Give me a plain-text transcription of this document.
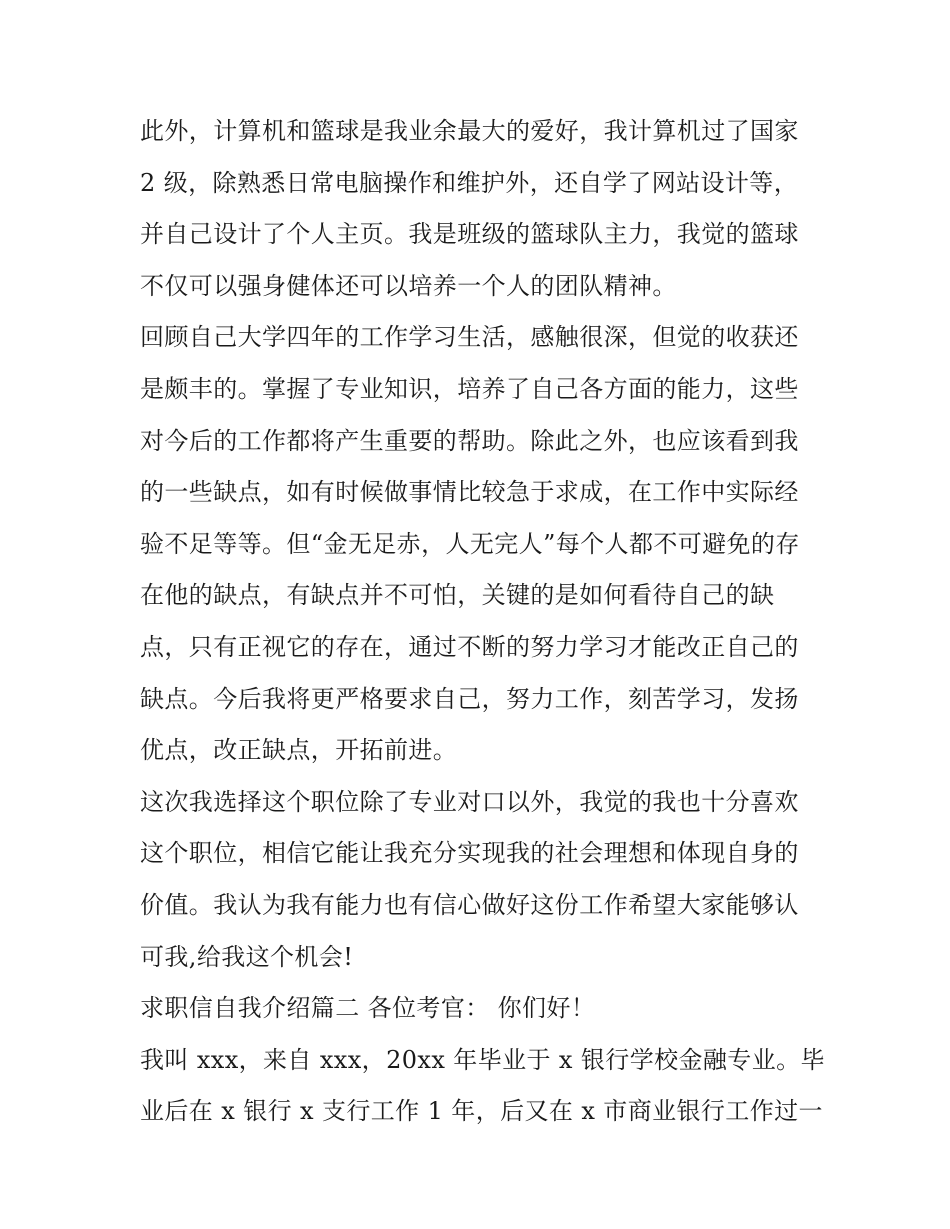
此外，计算机和篮球是我业余最大的爱好，我计算机过了国家
2 级，除熟悉日常电脑操作和维护外，还自学了网站设计等，
并自己设计了个人主页。我是班级的篮球队主力，我觉的篮球
不仅可以强身健体还可以培养一个人的团队精神。
回顾自己大学四年的工作学习生活，感触很深，但觉的收获还
是颇丰的。掌握了专业知识，培养了自己各方面的能力，这些
对今后的工作都将产生重要的帮助。除此之外，也应该看到我
的一些缺点，如有时候做事情比较急于求成，在工作中实际经
验不足等等。但“金无足赤，人无完人”每个人都不可避免的存
在他的缺点，有缺点并不可怕，关键的是如何看待自己的缺
点，只有正视它的存在，通过不断的努力学习才能改正自己的
缺点。今后我将更严格要求自己，努力工作，刻苦学习，发扬
优点，改正缺点，开拓前进。
这次我选择这个职位除了专业对口以外，我觉的我也十分喜欢
这个职位，相信它能让我充分实现我的社会理想和体现自身的
价值。我认为我有能力也有信心做好这份工作希望大家能够认
可我,给我这个机会!
求职信自我介绍篇二 各位考官： 你们好！
我叫 xxx，来自 xxx，20xx 年毕业于 x 银行学校金融专业。毕
业后在 x 银行 x 支行工作 1 年，后又在 x 市商业银行工作过一
